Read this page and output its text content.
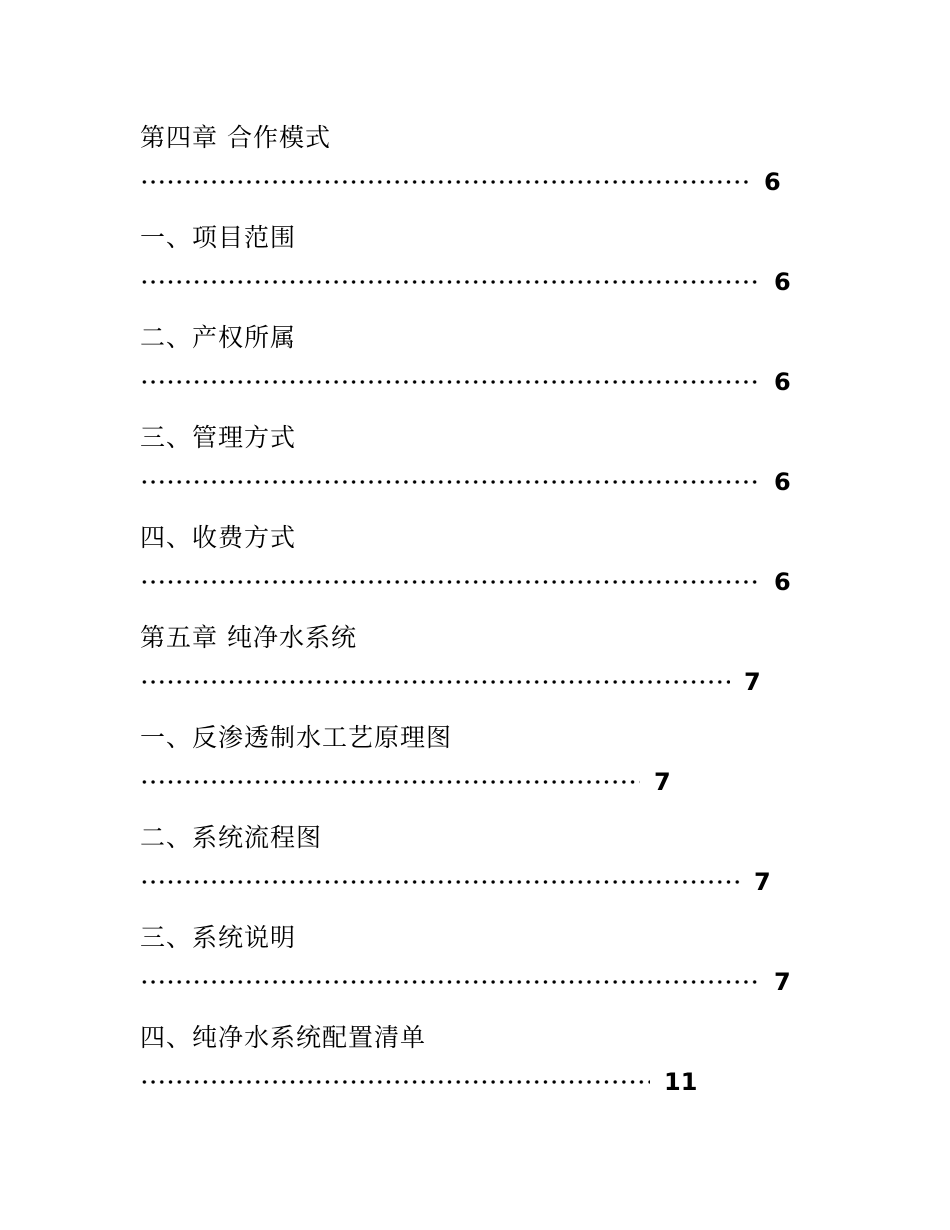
第四章 合作模式
6
一、项目范围
6
二、产权所属
6
三、管理方式
6
四、收费方式
6
第五章 纯净水系统
7
一、反渗透制水工艺原理图
7
二、系统流程图
7
三、系统说明
7
四、纯净水系统配置清单
11
